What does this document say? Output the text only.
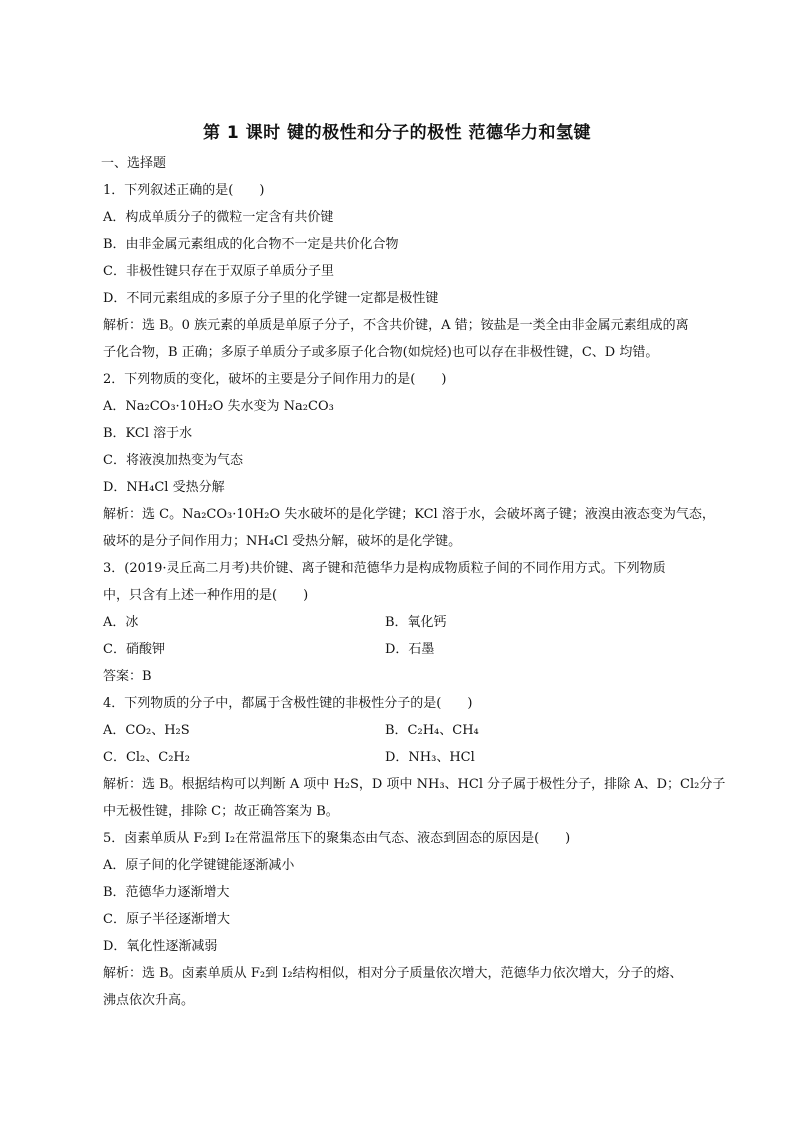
第 1 课时 键的极性和分子的极性 范德华力和氢键
一、选择题
1．下列叙述正确的是(　　)
A．构成单质分子的微粒一定含有共价键
B．由非金属元素组成的化合物不一定是共价化合物
C．非极性键只存在于双原子单质分子里
D．不同元素组成的多原子分子里的化学键一定都是极性键
解析：选 B。0 族元素的单质是单原子分子，不含共价键，A 错；铵盐是一类全由非金属元素组成的离
子化合物，B 正确；多原子单质分子或多原子化合物(如烷烃)也可以存在非极性键，C、D 均错。
2．下列物质的变化，破坏的主要是分子间作用力的是(　　)
A．Na₂CO₃·10H₂O 失水变为 Na₂CO₃
B．KCl 溶于水
C．将液溴加热变为气态
D．NH₄Cl 受热分解
解析：选 C。Na₂CO₃·10H₂O 失水破坏的是化学键；KCl 溶于水，会破坏离子键；液溴由液态变为气态，
破坏的是分子间作用力；NH₄Cl 受热分解，破坏的是化学键。
3．(2019·灵丘高二月考)共价键、离子键和范德华力是构成物质粒子间的不同作用方式。下列物质
中，只含有上述一种作用的是(　　)
A．冰	B．氧化钙
C．硝酸钾	D．石墨
答案：B
4．下列物质的分子中，都属于含极性键的非极性分子的是(　　)
A．CO₂、H₂S	B．C₂H₄、CH₄
C．Cl₂、C₂H₂	D．NH₃、HCl
解析：选 B。根据结构可以判断 A 项中 H₂S，D 项中 NH₃、HCl 分子属于极性分子，排除 A、D；Cl₂分子
中无极性键，排除 C；故正确答案为 B。
5．卤素单质从 F₂到 I₂在常温常压下的聚集态由气态、液态到固态的原因是(　　)
A．原子间的化学键键能逐渐减小
B．范德华力逐渐增大
C．原子半径逐渐增大
D．氧化性逐渐减弱
解析：选 B。卤素单质从 F₂到 I₂结构相似，相对分子质量依次增大，范德华力依次增大，分子的熔、
沸点依次升高。
